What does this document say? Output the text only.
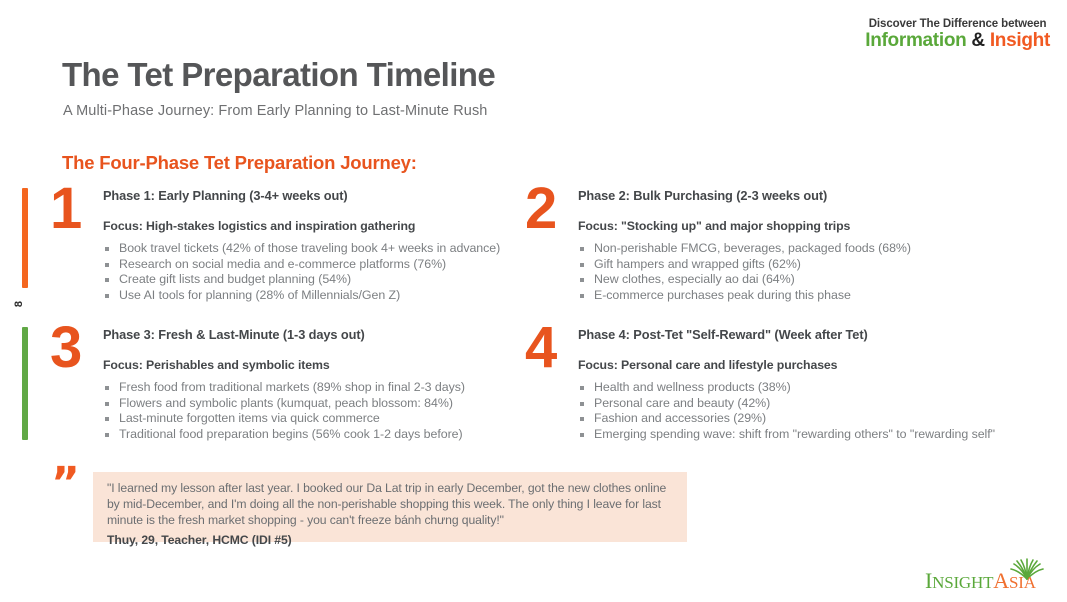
Discover The Difference between
Information & Insight
The Tet Preparation Timeline
A Multi-Phase Journey: From Early Planning to Last-Minute Rush
The Four-Phase Tet Preparation Journey:
8
1	Phase 1: Early Planning (3-4+ weeks out)

Focus: High-stakes logistics and inspiration gathering

Book travel tickets (42% of those traveling book 4+ weeks in advance)
Research on social media and e-commerce platforms (76%)
Create gift lists and budget planning (54%)
Use AI tools for planning (28% of Millennials/Gen Z)
2	Phase 2: Bulk Purchasing (2-3 weeks out)

Focus: "Stocking up" and major shopping trips

Non-perishable FMCG, beverages, packaged foods (68%)
Gift hampers and wrapped gifts (62%)
New clothes, especially ao dai (64%)
E-commerce purchases peak during this phase
3	Phase 3: Fresh & Last-Minute (1-3 days out)

Focus: Perishables and symbolic items

Fresh food from traditional markets (89% shop in final 2-3 days)
Flowers and symbolic plants (kumquat, peach blossom: 84%)
Last-minute forgotten items via quick commerce
Traditional food preparation begins (56% cook 1-2 days before)
4	Phase 4: Post-Tet "Self-Reward" (Week after Tet)

Focus: Personal care and lifestyle purchases

Health and wellness products (38%)
Personal care and beauty (42%)
Fashion and accessories (29%)
Emerging spending wave: shift from "rewarding others" to "rewarding self"
” "I learned my lesson after last year. I booked our Da Lat trip in early December, got the new clothes online by mid-December, and I'm doing all the non-perishable shopping this week. The only thing I leave for last minute is the fresh market shopping - you can't freeze bánh chưng quality!"

Thuy, 29, Teacher, HCMC (IDI #5)

INSIGHTASIA
